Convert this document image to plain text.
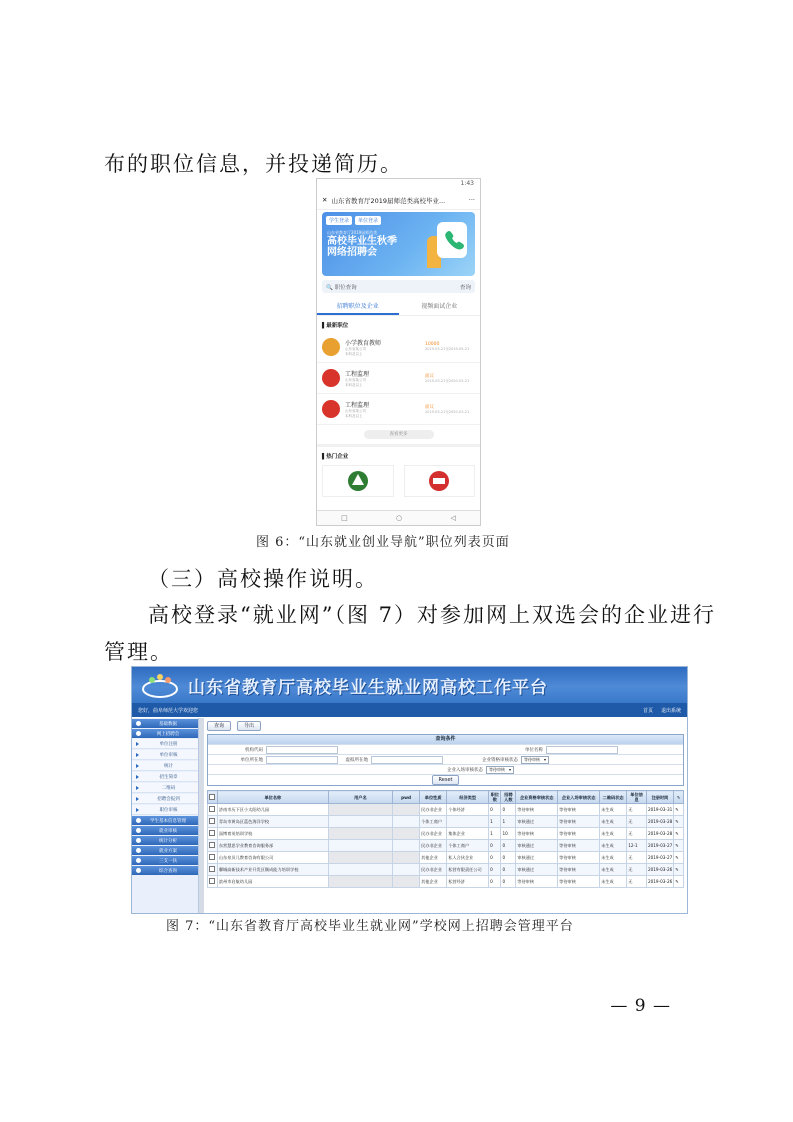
布的职位信息，并投递简历。
1:43
✕ 山东省教育厅2019届师范类高校毕业...	···
学生登录	单位登录
山东省教育厅2019届师范类
高校毕业生秋季
网络招聘会
🔍 职位查询	查询
招聘职位及企业	视频面试企业
▌最新职位
小学教育教师
山东省某公司
本科及以上
10000
2019-03-21至2019-05-21
工程监理
山东省某公司
本科及以上
面议
2019-03-21至2020-03-21
工程监理
山东省某公司
本科及以上
面议
2019-03-21至2020-03-21
查看更多
▌热门企业
□	○	◁
图 6：“山东就业创业导航”职位列表页面
（三）高校操作说明。
高校登录“就业网”（图 7）对参加网上双选会的企业进行
管理。
山东省教育厅高校毕业生就业网高校工作平台
您好，曲阜师范大学欢迎您	首页 退出系统
基础数据
网上招聘会
单位注册
单位审核
统计
招生简章
二维码
招聘会报到
职位审核
学生基本信息管理
就业审核
统计分析
就业方案
三支一扶
综合查询
查询	导出
查询条件
机构代码	单位名称
单位所在地	虚拟所在地	企业资格审核状态	等待审核 ▾
企业入场审核状态	等待审核 ▾
Reset
	单位名称	用户名	pwd	单位性质	经济类型	职位数	招聘人数	企业资格审核状态	企业入场审核状态	二维码状态	单位信息	注册时间	✎
	济南市历下区小太阳幼儿园			民办非企业	个体经济	0	0	等待审核	等待审核	未生成	无	2019-03-31	✎
	青岛市黄岛区蓝色海洋学校			个体工商户		1	1	审核通过	等待审核	未生成	无	2019-03-28	✎
	淄博育英培训学校			民办非企业	集体企业	1	10	等待审核	等待审核	未生成	无	2019-03-28	✎
	东营慧思学业教育咨询服务部			民办非企业	个体工商户	0	0	审核通过	等待审核	未生成	12-1	2019-03-27	✎
	山东泉贝儿教育咨询有限公司			其他企业	私人合伙企业	0	0	审核通过	等待审核	未生成	无	2019-03-27	✎
	聊城高新技术产业开发区顺成能力培训学校			民办非企业	私营有限责任公司	0	0	审核通过	等待审核	未生成	无	2019-03-26	✎
	滨州市启航幼儿园			其他企业	私营经济	0	0	等待审核	等待审核	未生成	无	2019-03-26	✎
图 7：“山东省教育厅高校毕业生就业网”学校网上招聘会管理平台
— 9 —
